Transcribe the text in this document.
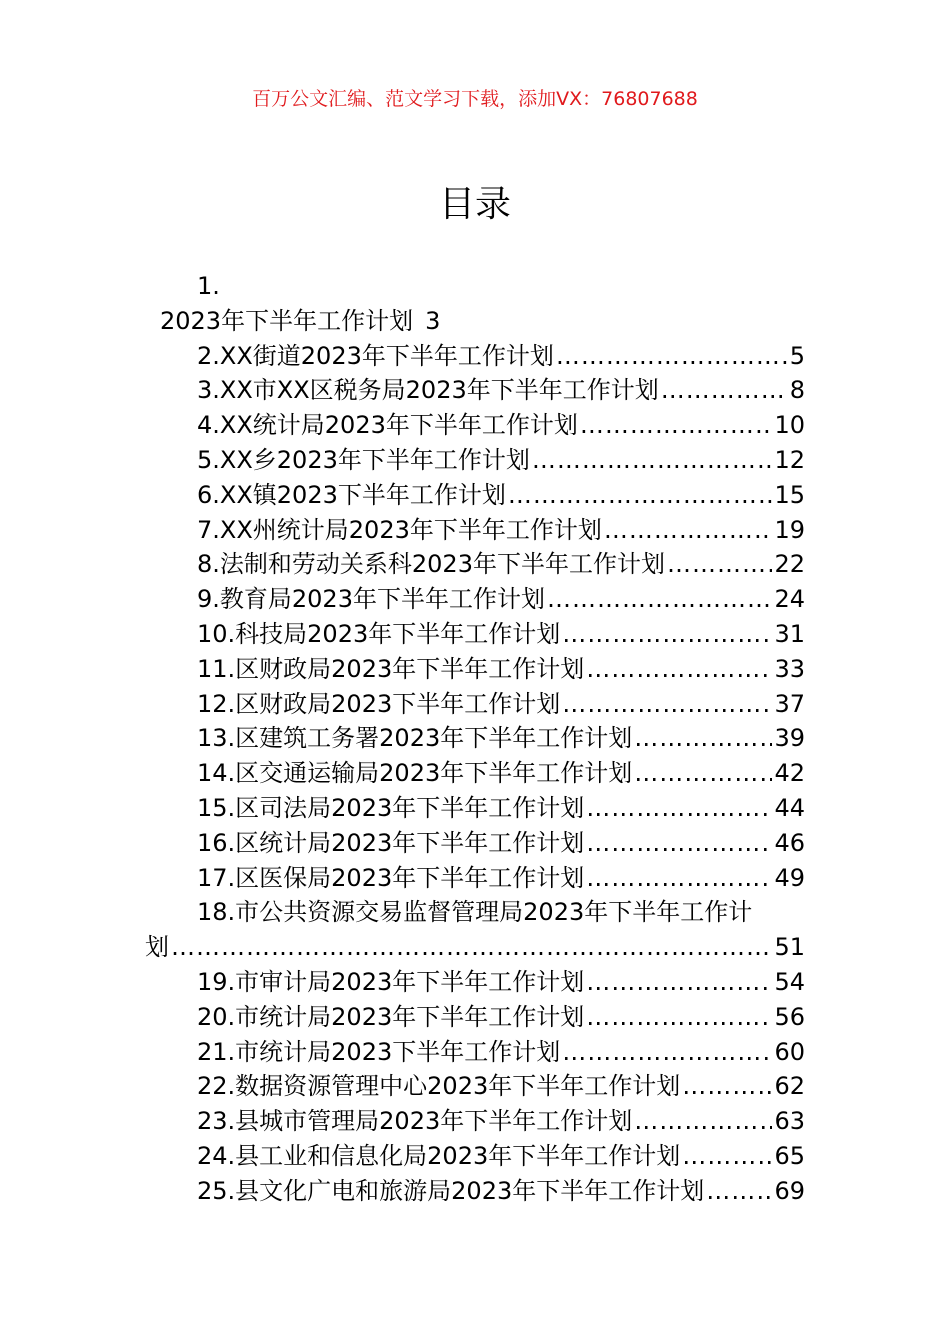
百万公文汇编、范文学习下载，添加VX：76807688
目录
1.
2023年下半年工作计划 3
2.XX街道2023年下半年工作计划 ……………………………………………………………………………………………………	5
3.XX市XX区税务局2023年下半年工作计划 ……………………………………………………………………………………………………	8
4.XX统计局2023年下半年工作计划 ……………………………………………………………………………………………………	10
5.XX乡2023年下半年工作计划 ……………………………………………………………………………………………………	12
6.XX镇2023下半年工作计划 ……………………………………………………………………………………………………	15
7.XX州统计局2023年下半年工作计划 ……………………………………………………………………………………………………	19
8.法制和劳动关系科2023年下半年工作计划 ……………………………………………………………………………………………………	22
9.教育局2023年下半年工作计划 ……………………………………………………………………………………………………	24
10.科技局2023年下半年工作计划 ……………………………………………………………………………………………………	31
11.区财政局2023年下半年工作计划 ……………………………………………………………………………………………………	33
12.区财政局2023下半年工作计划 ……………………………………………………………………………………………………	37
13.区建筑工务署2023年下半年工作计划 ……………………………………………………………………………………………………	39
14.区交通运输局2023年下半年工作计划 ……………………………………………………………………………………………………	42
15.区司法局2023年下半年工作计划 ……………………………………………………………………………………………………	44
16.区统计局2023年下半年工作计划 ……………………………………………………………………………………………………	46
17.区医保局2023年下半年工作计划 ……………………………………………………………………………………………………	49
18.市公共资源交易监督管理局2023年下半年工作计
划 ……………………………………………………………………………………………………	51
19.市审计局2023年下半年工作计划 ……………………………………………………………………………………………………	54
20.市统计局2023年下半年工作计划 ……………………………………………………………………………………………………	56
21.市统计局2023下半年工作计划 ……………………………………………………………………………………………………	60
22.数据资源管理中心2023年下半年工作计划 ……………………………………………………………………………………………………	62
23.县城市管理局2023年下半年工作计划 ……………………………………………………………………………………………………	63
24.县工业和信息化局2023年下半年工作计划 ……………………………………………………………………………………………………	65
25.县文化广电和旅游局2023年下半年工作计划 ……………………………………………………………………………………………………	69
